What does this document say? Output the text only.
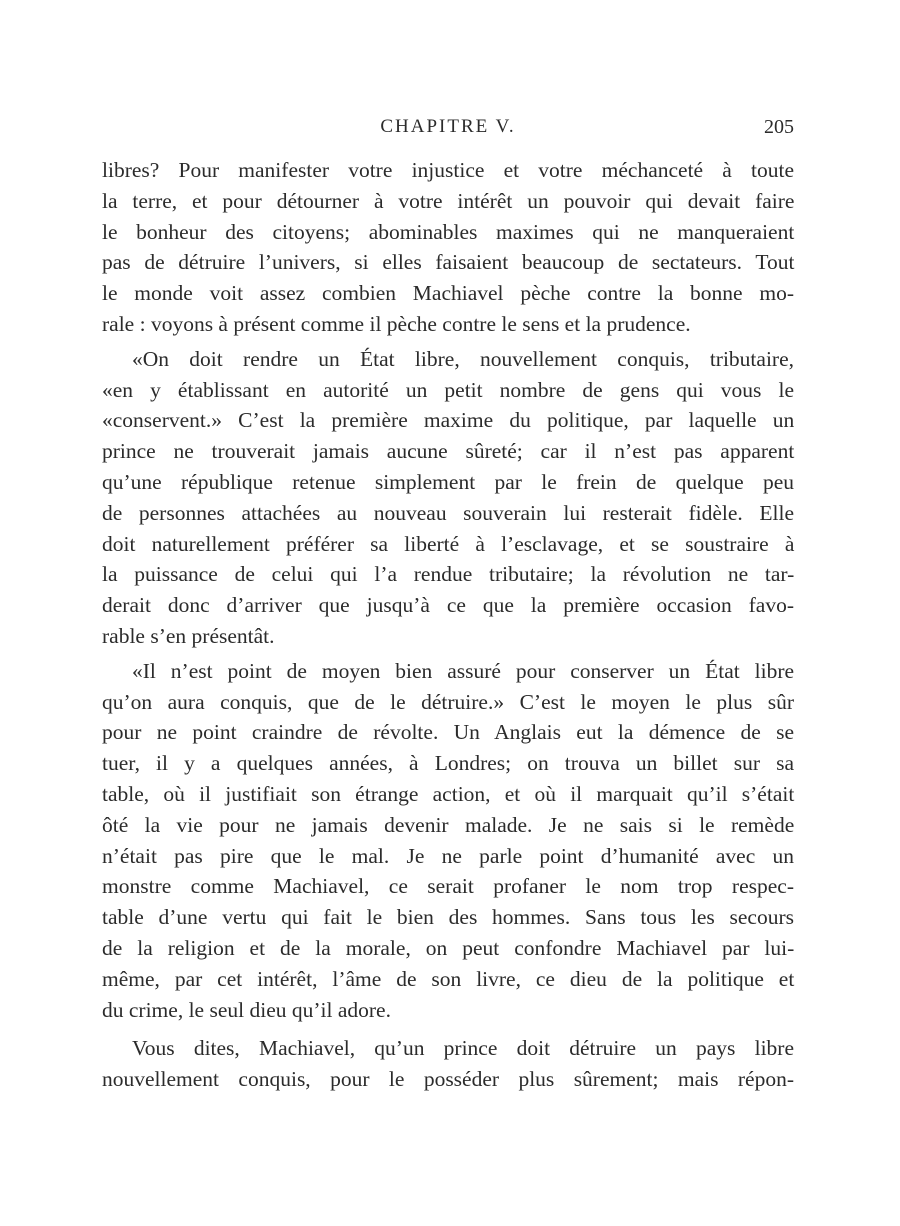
CHAPITRE V.	205

libres? Pour manifester votre injustice et votre méchanceté à toute
la terre, et pour détourner à votre intérêt un pouvoir qui devait faire
le bonheur des citoyens; abominables maximes qui ne manqueraient
pas de détruire l’univers, si elles faisaient beaucoup de sectateurs. Tout
le monde voit assez combien Machiavel pèche contre la bonne mo-
rale : voyons à présent comme il pèche contre le sens et la prudence.

«On doit rendre un État libre, nouvellement conquis, tributaire,
«en y établissant en autorité un petit nombre de gens qui vous le
«conservent.» C’est la première maxime du politique, par laquelle un
prince ne trouverait jamais aucune sûreté; car il n’est pas apparent
qu’une république retenue simplement par le frein de quelque peu
de personnes attachées au nouveau souverain lui resterait fidèle. Elle
doit naturellement préférer sa liberté à l’esclavage, et se soustraire à
la puissance de celui qui l’a rendue tributaire; la révolution ne tar-
derait donc d’arriver que jusqu’à ce que la première occasion favo-
rable s’en présentât.

«Il n’est point de moyen bien assuré pour conserver un État libre
qu’on aura conquis, que de le détruire.» C’est le moyen le plus sûr
pour ne point craindre de révolte. Un Anglais eut la démence de se
tuer, il y a quelques années, à Londres; on trouva un billet sur sa
table, où il justifiait son étrange action, et où il marquait qu’il s’était
ôté la vie pour ne jamais devenir malade. Je ne sais si le remède
n’était pas pire que le mal. Je ne parle point d’humanité avec un
monstre comme Machiavel, ce serait profaner le nom trop respec-
table d’une vertu qui fait le bien des hommes. Sans tous les secours
de la religion et de la morale, on peut confondre Machiavel par lui-
même, par cet intérêt, l’âme de son livre, ce dieu de la politique et
du crime, le seul dieu qu’il adore.

Vous dites, Machiavel, qu’un prince doit détruire un pays libre
nouvellement conquis, pour le posséder plus sûrement; mais répon-
